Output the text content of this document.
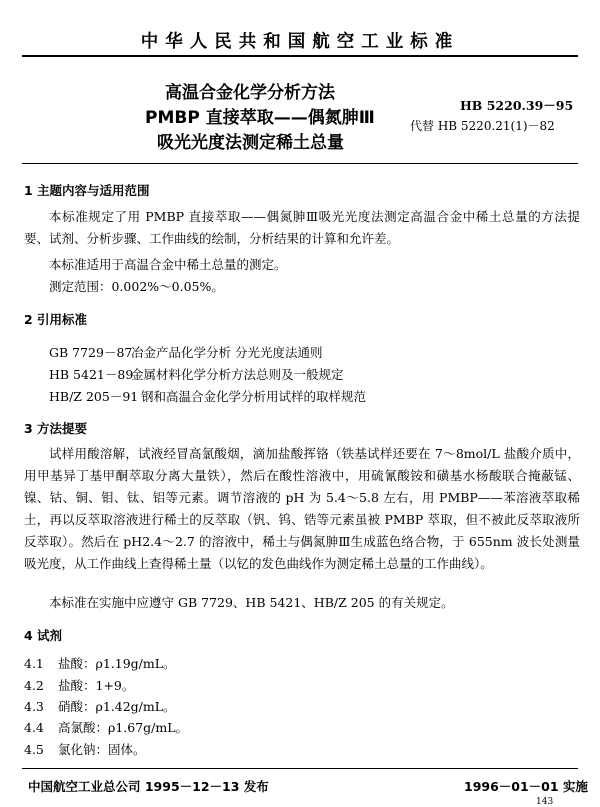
中华人民共和国航空工业标准
高温合金化学分析方法
PMBP 直接萃取——偶氮胂Ⅲ
吸光光度法测定稀土总量
HB 5220.39－95
代替 HB 5220.21(1)－82
1 主题内容与适用范围
本标准规定了用 PMBP 直接萃取——偶氮胂Ⅲ吸光光度法测定高温合金中稀土总量的方法提要、试剂、分析步骤、工作曲线的绘制，分析结果的计算和允许差。
本标准适用于高温合金中稀土总量的测定。
测定范围：0.002%～0.05%。
2 引用标准
GB 7729－87冶金产品化学分析 分光光度法通则
HB 5421－89金属材料化学分析方法总则及一般规定
HB/Z 205－91 钢和高温合金化学分析用试样的取样规范
3 方法提要
试样用酸溶解，试液经冒高氯酸烟，滴加盐酸挥铬（铁基试样还要在 7～8mol/L 盐酸介质中，用甲基异丁基甲酮萃取分离大量铁），然后在酸性溶液中，用硫氰酸铵和磺基水杨酸联合掩蔽锰、镍、钴、铜、钼、钛、铝等元素。调节溶液的 pH 为 5.4～5.8 左右，用 PMBP——苯溶液萃取稀土，再以反萃取溶液进行稀土的反萃取（钒、钨、锆等元素虽被 PMBP 萃取，但不被此反萃取液所反萃取）。然后在 pH2.4～2.7 的溶液中，稀土与偶氮胂Ⅲ生成蓝色络合物，于 655nm 波长处测量吸光度，从工作曲线上查得稀土量（以钇的发色曲线作为测定稀土总量的工作曲线）。
本标准在实施中应遵守 GB 7729、HB 5421、HB/Z 205 的有关规定。
4 试剂
4.1 盐酸：ρ1.19g/mL。
4.2 盐酸：1+9。
4.3 硝酸：ρ1.42g/mL。
4.4 高氯酸：ρ1.67g/mL。
4.5 氯化钠：固体。
中国航空工业总公司 1995－12－13 发布	1996－01－01 实施
143
